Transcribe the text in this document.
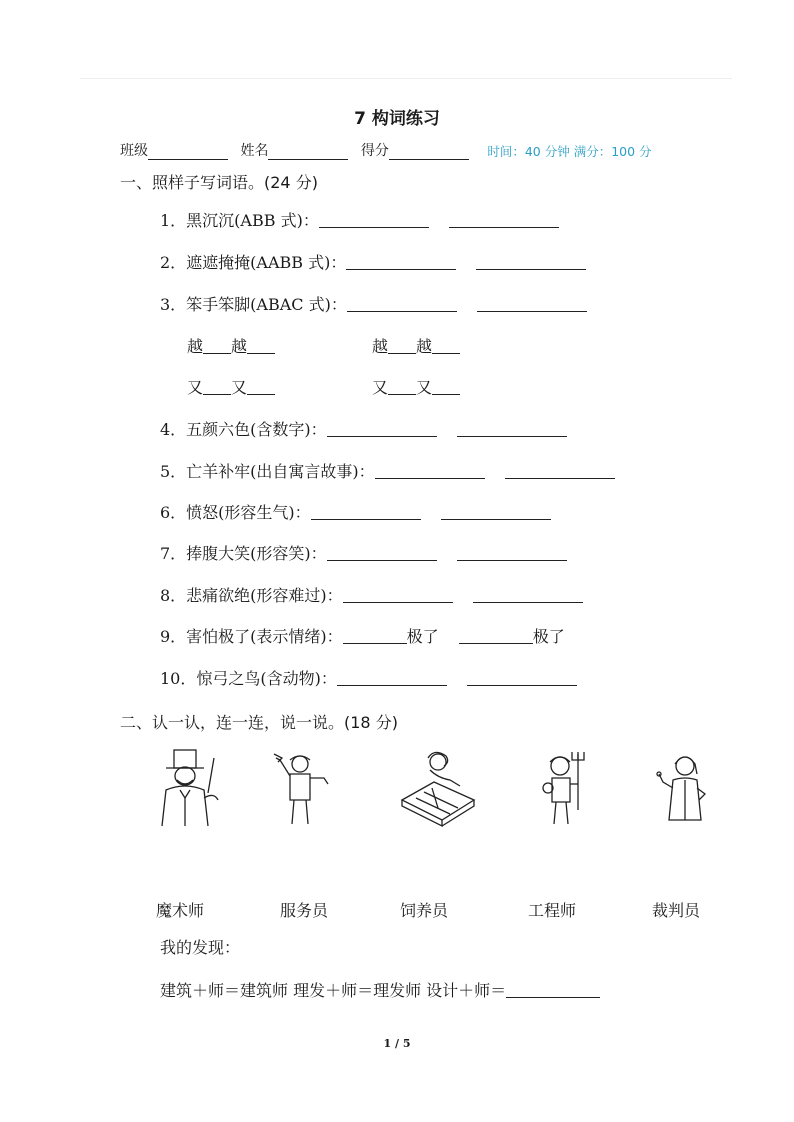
7 构词练习
班级	姓名	得分	时间：40 分钟 满分：100 分
一、照样子写词语。(24 分)
1．黑沉沉(ABB 式)：
2．遮遮掩掩(AABB 式)：
3．笨手笨脚(ABAC 式)：
越 越	越 越
又 又	又 又
4．五颜六色(含数字)：
5．亡羊补牢(出自寓言故事)：
6．愤怒(形容生气)：
7．捧腹大笑(形容笑)：
8．悲痛欲绝(形容难过)：
9．害怕极了(表示情绪)：	极了	极了
10．惊弓之鸟(含动物)：
二、认一认，连一连，说一说。(18 分)
魔术师	服务员	饲养员	工程师	裁判员
我的发现：
建筑＋师＝建筑师 理发＋师＝理发师 设计＋师＝
1 / 5
